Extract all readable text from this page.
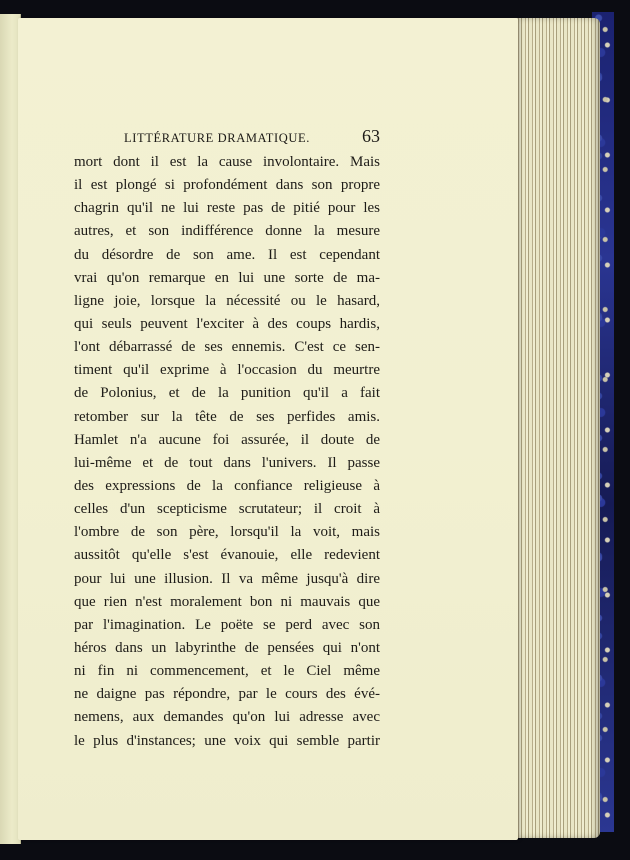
LITTÉRATURE DRAMATIQUE.	63
mort dont il est la cause involontaire. Mais
il est plongé si profondément dans son propre
chagrin qu'il ne lui reste pas de pitié pour les
autres, et son indifférence donne la mesure
du désordre de son ame. Il est cependant
vrai qu'on remarque en lui une sorte de ma-
ligne joie, lorsque la nécessité ou le hasard,
qui seuls peuvent l'exciter à des coups hardis,
l'ont débarrassé de ses ennemis. C'est ce sen-
timent qu'il exprime à l'occasion du meurtre
de Polonius, et de la punition qu'il a fait
retomber sur la tête de ses perfides amis.
Hamlet n'a aucune foi assurée, il doute de
lui-même et de tout dans l'univers. Il passe
des expressions de la confiance religieuse à
celles d'un scepticisme scrutateur; il croit à
l'ombre de son père, lorsqu'il la voit, mais
aussitôt qu'elle s'est évanouie, elle redevient
pour lui une illusion. Il va même jusqu'à dire
que rien n'est moralement bon ni mauvais que
par l'imagination. Le poëte se perd avec son
héros dans un labyrinthe de pensées qui n'ont
ni fin ni commencement, et le Ciel même
ne daigne pas répondre, par le cours des évé-
nemens, aux demandes qu'on lui adresse avec
le plus d'instances; une voix qui semble partir
